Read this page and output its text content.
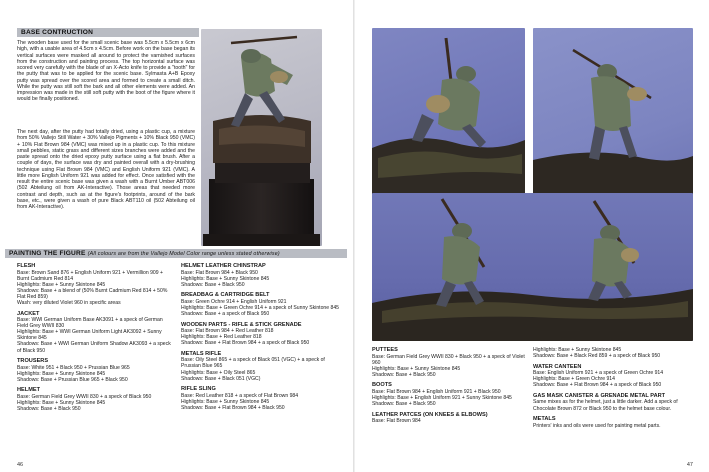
BASE CONTRUCTION

The wooden base used for the small scenic base was 5.5cm x 5.5cm x 6cm high, with a usable area of 4.5cm x 4.5cm. Before work on the base began its vertical surfaces were masked all around to protect the varnished surfaces from the construction and painting process. The top horizontal surface was scored very carefully with the blade of an X-Acto knife to provide a "tooth" for the putty that was to be applied for the scenic base. Sylmasta A+B Epoxy putty was spread over the scored area and formed to create a small ditch. While the putty was still soft the bark and all other elements were added. An impression was made in the still soft putty with the boot of the figure where it would be finally positioned.

The next day, after the putty had totally dried, using a plastic cup, a mixture from 50% Vallejo Still Water + 30% Vallejo Pigments + 10% Black 950 (VMC) + 10% Flat Brown 984 (VMC) was mixed up in a plastic cup. To this mixture small pebbles, static grass and different sizes branches were added and the paste spread onto the dried epoxy putty surface using a flat brush. After a couple of days, the surface was dry and painted overall with a dry-brushing technique using Flat Brown 984 (VMC) and English Uniform 921 (VMC). A little more English Uniform 921 was added for effect. Once satisfied with the result the entire scenic base was given a wash with a Burnt Umber ABT006 (502 Abteilung oil from AK-Interactive). Those areas that needed more contrast and depth, such as at the figure's footprints, around of the bark base, etc., were given a wash of pure Black ABT110 oil (502 Abteilung oil from AK-Interactive).

PAINTING THE FIGURE (All colours are from the Vallejo Model Color range unless stated otherwise)
FLESH
Base: Brown Sand 876 + English Uniform 921 + Vermillion 909 + Burnt Cadmium Red 814
Highlights: Base + Sunny Skintone 845
Shadows: Base + a blend of (50% Burnt Cadmium Red 814 + 50% Flat Red 859)
Wash: very diluted Violet 960 in specific areas
JACKET
Base: WWI German Uniform Base AK3091 + a speck of German Field Grey WWII 830
Highlights: Base + WWI German Uniform Light AK3092 + Sunny Skintone 845
Shadows: Base + WWI German Uniform Shadow AK3093 + a speck of Black 950
TROUSERS
Base: White 951 + Black 950 + Prussian Blue 965
Highlights: Base + Sunny Skintone 845
Shadows: Base + Prussian Blue 965 + Black 950
HELMET
Base: German Field Grey WWII 830 + a speck of Black 950
Highlights: Base + Sunny Skintone 845
Shadows: Base + Black 950
HELMET LEATHER CHINSTRAP
Base: Flat Brown 984 + Black 950
Highlights: Base + Sunny Skintone 845
Shadows: Base + Black 950
BREADBAG & CARTRIDGE BELT
Base: Green Ochre 914 + English Uniform 921
Highlights: Base + Green Ochre 914 + a speck of Sunny Skintone 845
Shadows: Base + a speck of Black 950
WOODEN PARTS - RIFLE & STICK GRENADE
Base: Flat Brown 984 + Red Leather 818
Highlights: Base + Red Leather 818
Shadows: Base + Flat Brown 984 + a speck of Black 950
METALS RIFLE
Base: Oily Steel 865 + a speck of Black 051 (VGC) + a speck of Prussian Blue 965
Highlights: Base + Oily Steel 865
Shadows: Base + Black 051 (VGC)
RIFLE SLING
Base: Red Leather 818 + a speck of Flat Brown 984
Highlights: Base + Sunny Skintone 845
Shadows: Base + Flat Brown 984 + Black 950
46
PUTTEES
Base: German Field Grey WWII 830 + Black 950 + a speck of Violet 960
Highlights: Base + Sunny Skintone 845
Shadows: Base + Black 950
BOOTS
Base: Flat Brown 984 + English Uniform 921 + Black 950
Highlights: Base + English Uniform 921 + Sunny Skintone 845
Shadows: Base + Black 950
LEATHER PATCES (ON KNEES & ELBOWS)
Base: Flat Brown 984
Highlights: Base + Sunny Skintone 845
Shadows: Base + Black Red 859 + a speck of Black 950
WATER CANTEEN
Base: English Uniform 921 + a speck of Green Ochre 914
Highlights: Base + Green Ochre 914
Shadows: Base + Flat Brown 984 + a speck of Black 950
GAS MASK CANISTER & GRENADE METAL PART
Same mixes as for the helmet, just a little darker. Add a speck of Chocolate Brown 872 or Black 950 to the helmet base colour.
METALS
Printers' inks and oils were used for painting metal parts.
47
